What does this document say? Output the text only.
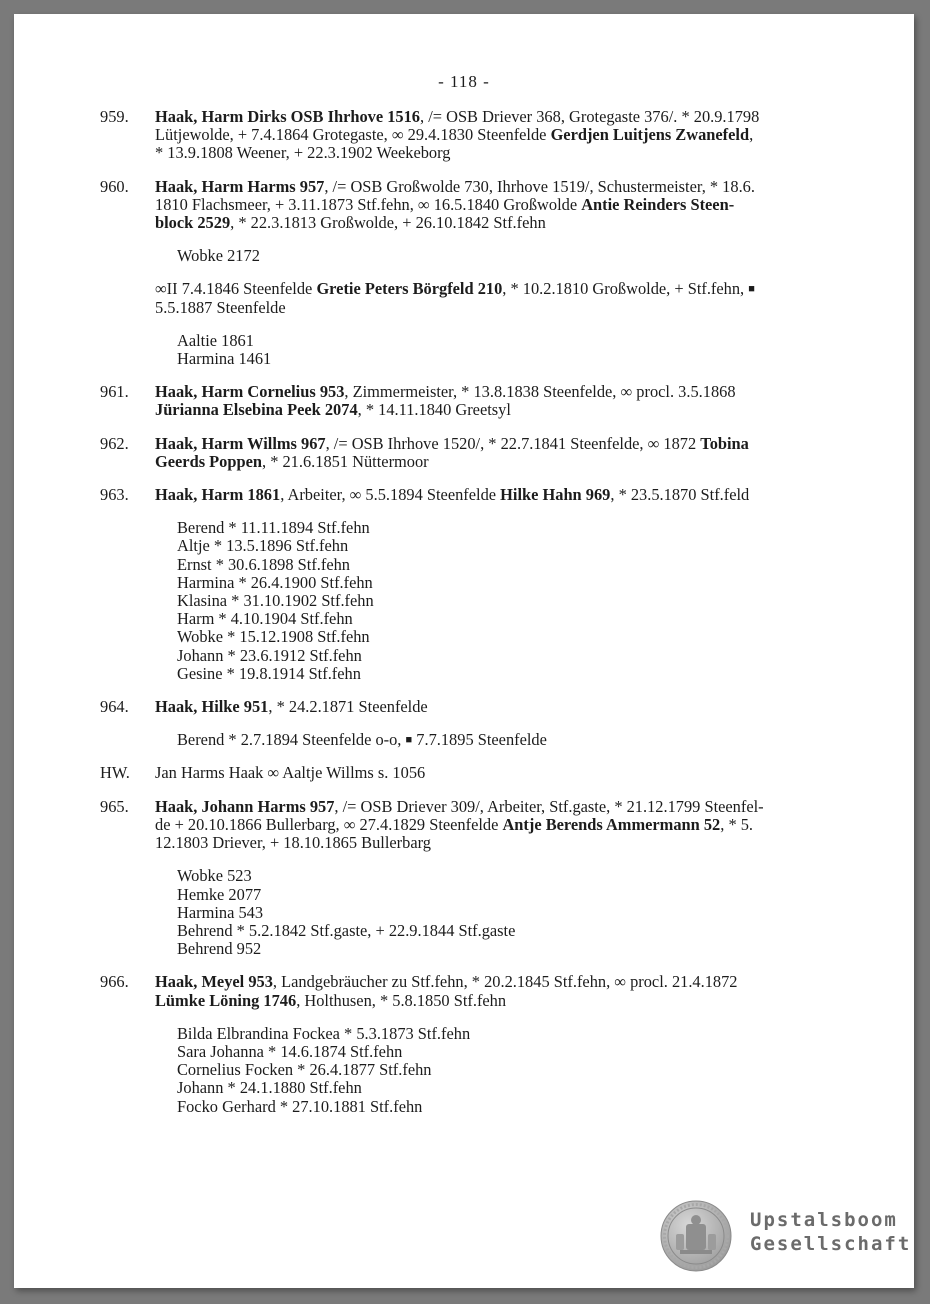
- 118 -
959.	Haak, Harm Dirks OSB Ihrhove 1516, /= OSB Driever 368, Grotegaste 376/. * 20.9.1798
Lütjewolde, + 7.4.1864 Grotegaste, ∞ 29.4.1830 Steenfelde Gerdjen Luitjens Zwanefeld,
* 13.9.1808 Weener, + 22.3.1902 Weekeborg
960.	Haak, Harm Harms 957, /= OSB Großwolde 730, Ihrhove 1519/, Schustermeister, * 18.6.
1810 Flachsmeer, + 3.11.1873 Stf.fehn, ∞ 16.5.1840 Großwolde Antie Reinders Steen-
block 2529, * 22.3.1813 Großwolde, + 26.10.1842 Stf.fehn
Wobke 2172
∞II 7.4.1846 Steenfelde Gretie Peters Börgfeld 210, * 10.2.1810 Großwolde, + Stf.fehn, ■
5.5.1887 Steenfelde
Aaltie 1861
Harmina 1461
961.	Haak, Harm Cornelius 953, Zimmermeister, * 13.8.1838 Steenfelde, ∞ procl. 3.5.1868
Jürianna Elsebina Peek 2074, * 14.11.1840 Greetsyl
962.	Haak, Harm Willms 967, /= OSB Ihrhove 1520/, * 22.7.1841 Steenfelde, ∞ 1872 Tobina
Geerds Poppen, * 21.6.1851 Nüttermoor
963.	Haak, Harm 1861, Arbeiter, ∞ 5.5.1894 Steenfelde Hilke Hahn 969, * 23.5.1870 Stf.feld
Berend * 11.11.1894 Stf.fehn
Altje * 13.5.1896 Stf.fehn
Ernst * 30.6.1898 Stf.fehn
Harmina * 26.4.1900 Stf.fehn
Klasina * 31.10.1902 Stf.fehn
Harm * 4.10.1904 Stf.fehn
Wobke * 15.12.1908 Stf.fehn
Johann * 23.6.1912 Stf.fehn
Gesine * 19.8.1914 Stf.fehn
964.	Haak, Hilke 951, * 24.2.1871 Steenfelde
Berend * 2.7.1894 Steenfelde o-o, ■ 7.7.1895 Steenfelde
HW.	Jan Harms Haak ∞ Aaltje Willms s. 1056
965.	Haak, Johann Harms 957, /= OSB Driever 309/, Arbeiter, Stf.gaste, * 21.12.1799 Steenfel-
de + 20.10.1866 Bullerbarg, ∞ 27.4.1829 Steenfelde Antje Berends Ammermann 52, * 5.
12.1803 Driever, + 18.10.1865 Bullerbarg
Wobke 523
Hemke 2077
Harmina 543
Behrend * 5.2.1842 Stf.gaste, + 22.9.1844 Stf.gaste
Behrend 952
966.	Haak, Meyel 953, Landgebräucher zu Stf.fehn, * 20.2.1845 Stf.fehn, ∞ procl. 21.4.1872
Lümke Löning 1746, Holthusen, * 5.8.1850 Stf.fehn
Bilda Elbrandina Fockea * 5.3.1873 Stf.fehn
Sara Johanna * 14.6.1874 Stf.fehn
Cornelius Focken * 26.4.1877 Stf.fehn
Johann * 24.1.1880 Stf.fehn
Focko Gerhard * 27.10.1881 Stf.fehn
Upstalsboom
Gesellschaft
